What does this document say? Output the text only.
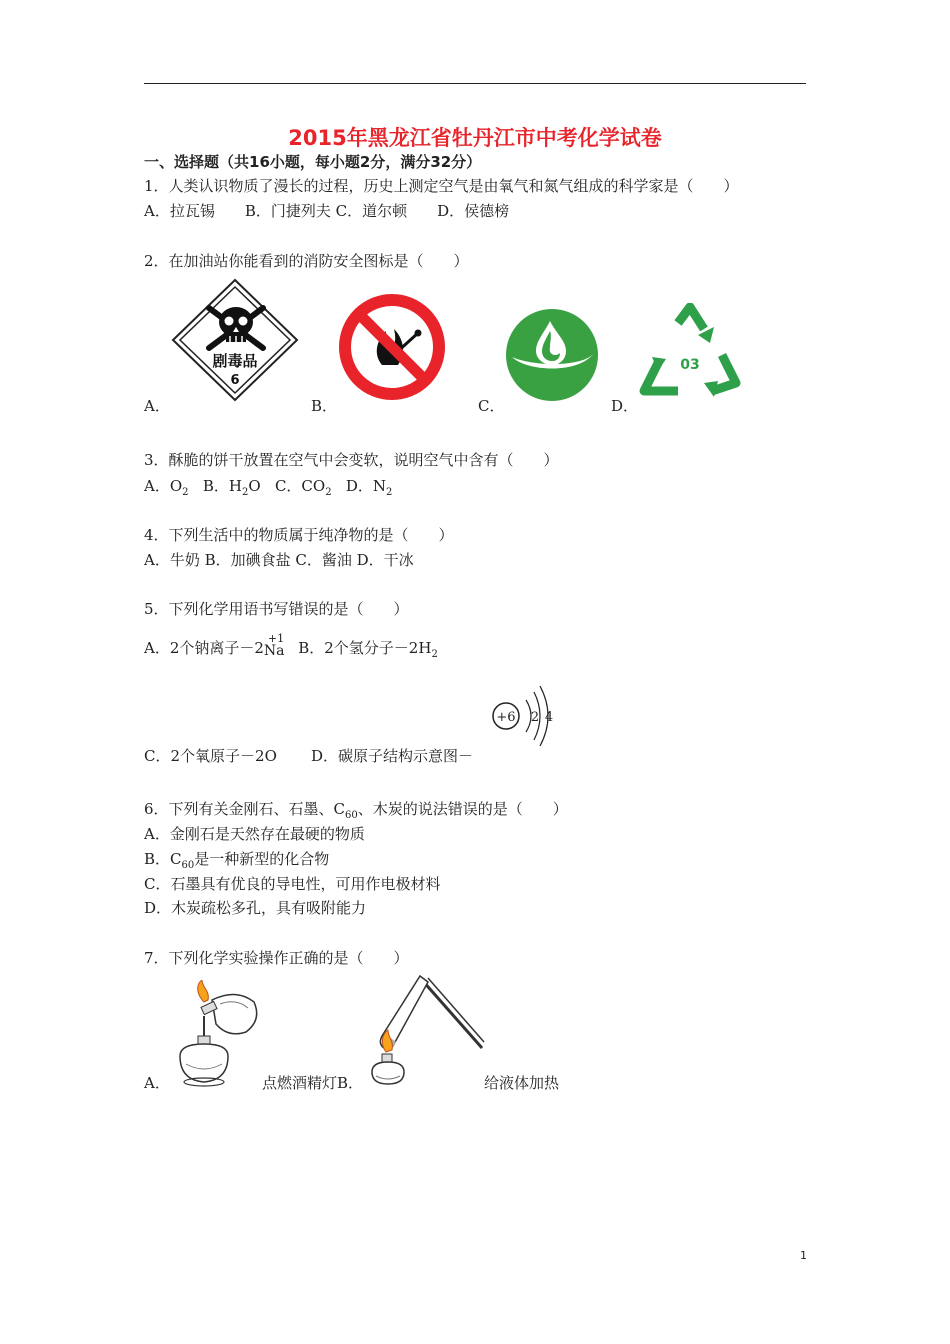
2015年黑龙江省牡丹江市中考化学试卷
一、选择题（共16小题，每小题2分，满分32分）
1．人类认识物质了漫长的过程，历史上测定空气是由氧气和氮气组成的科学家是（　　）
A．拉瓦锡　　B．门捷列夫 C．道尔顿　　D．侯德榜
2．在加油站你能看到的消防安全图标是（　　）
剧毒品
6
03
A．	B．	C．	D．
3．酥脆的饼干放置在空气中会变软，说明空气中含有（　　）
A．$O_2$ B．$H_2O$ C．$CO_2$ D．$N_2$
4．下列生活中的物质属于纯净物的是（　　）
A．牛奶 B．加碘食盐 C．酱油 D．干冰
5．下列化学用语书写错误的是（　　）
A．2个钠离子－2
+1
Na B．2个氢分子$-2H_2$
+6 2 4
C．2个氧原子－2O D．碳原子结构示意图－
6．下列有关金刚石、石墨、$C_{60}$、木炭的说法错误的是（　　）
A．金刚石是天然存在最硬的物质
B．$C_{60}$是一种新型的化合物
C．石墨具有优良的导电性，可用作电极材料
D．木炭疏松多孔，具有吸附能力
7．下列化学实验操作正确的是（　　）
A．	点燃酒精灯B．	给液体加热
1
